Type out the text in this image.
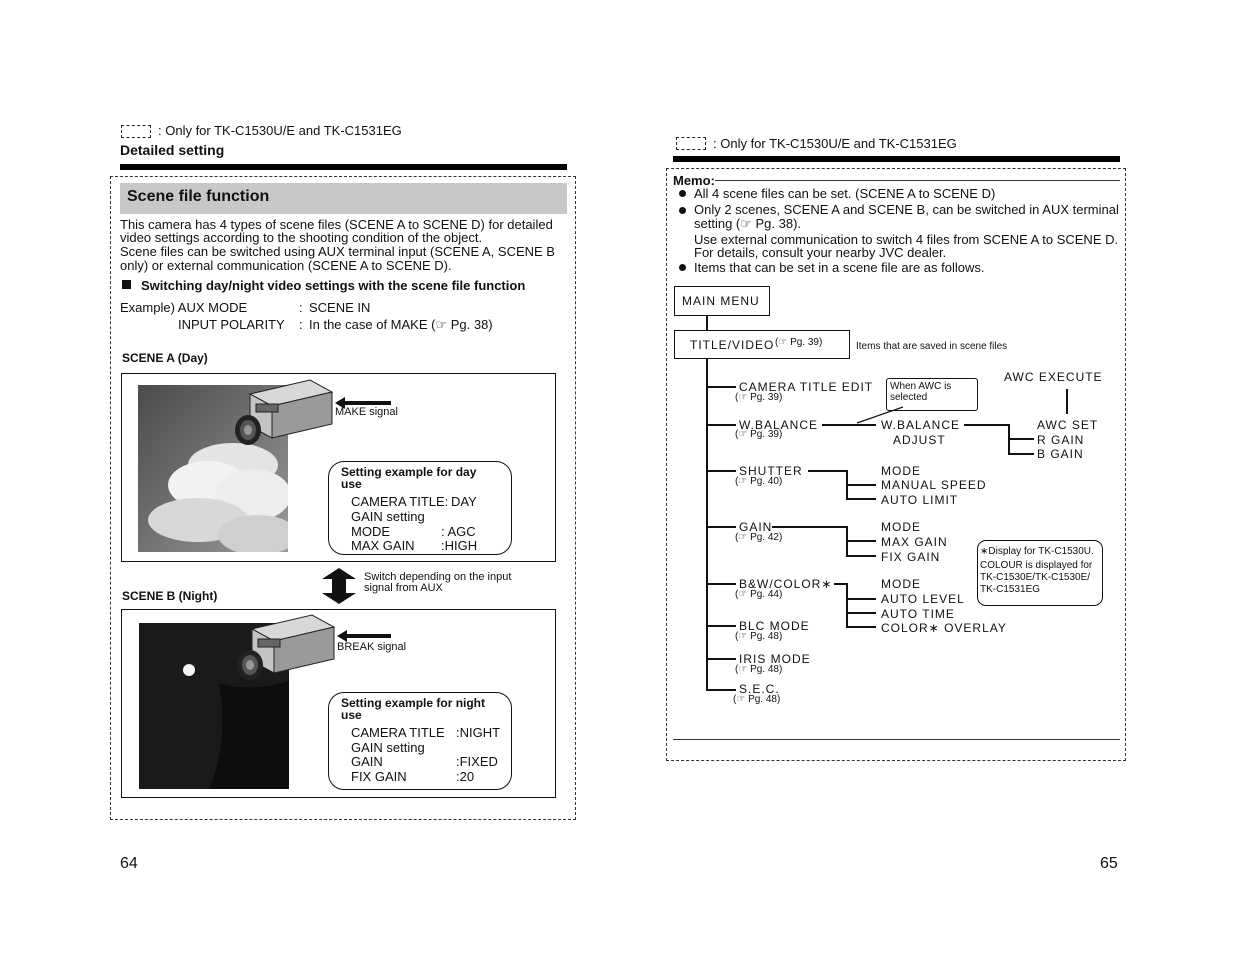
: Only for TK-C1530U/E and TK-C1531EG
Detailed setting
Scene file function
This camera has 4 types of scene files (SCENE A to SCENE D) for detailed
video settings according to the shooting condition of the object.
Scene files can be switched using AUX terminal input (SCENE A, SCENE B
only) or external communication (SCENE A to SCENE D).
Switching day/night video settings with the scene file function
Example) AUX MODE	: SCENE IN
INPUT POLARITY : In the case of MAKE (☞ Pg. 38)
SCENE A (Day)
MAKE signal
Setting example for day
use
CAMERA TITLE: DAY
GAIN setting
MODE	: AGC
MAX GAIN :HIGH
Switch depending on the input
signal from AUX
SCENE B (Night)
BREAK signal
Setting example for night
use
CAMERA TITLE :NIGHT
GAIN setting
GAIN	:FIXED
FIX GAIN	:20
64
: Only for TK-C1530U/E and TK-C1531EG
Memo:
All 4 scene files can be set. (SCENE A to SCENE D)
Only 2 scenes, SCENE A and SCENE B, can be switched in AUX terminal
setting (☞ Pg. 38).
Use external communication to switch 4 files from SCENE A to SCENE D.
For details, consult your nearby JVC dealer.
Items that can be set in a scene file are as follows.
MAIN MENU
TITLE/VIDEO (☞ Pg. 39)	Items that are saved in scene files
CAMERA TITLE EDIT
(☞ Pg. 39)
When AWC is
selected
AWC EXECUTE
W.BALANCE
(☞ Pg. 39)
W.BALANCE
ADJUST
AWC SET
R GAIN
B GAIN
SHUTTER
(☞ Pg. 40)
MODE
MANUAL SPEED
AUTO LIMIT
GAIN
(☞ Pg. 42)
MODE
MAX GAIN
FIX GAIN	∗Display for TK-C1530U.
COLOUR is displayed for
TK-C1530E/TK-C1530E/
TK-C1531EG
B&W/COLOR∗
(☞ Pg. 44)
MODE
AUTO LEVEL
AUTO TIME
COLOR∗ OVERLAY
BLC MODE
(☞ Pg. 48)
IRIS MODE
(☞ Pg. 48)
S.E.C.
(☞ Pg. 48)
65
